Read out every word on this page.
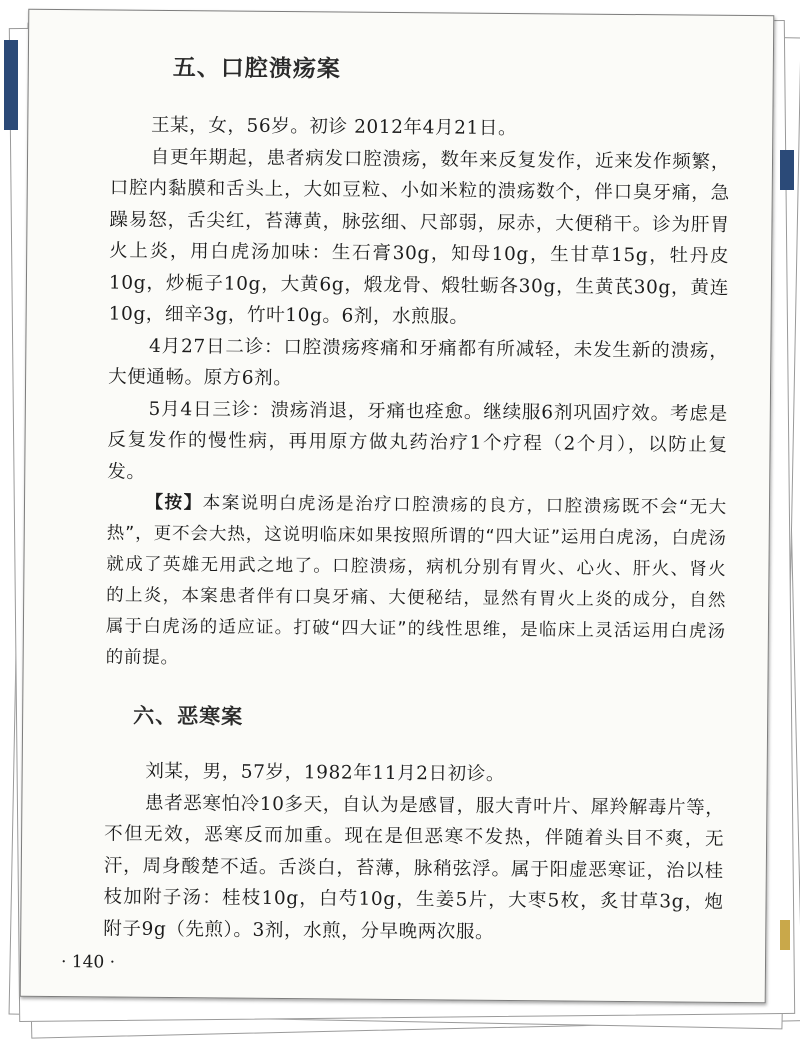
五、口腔溃疡案

王某，女，56岁。初诊 2012年4月21日。

自更年期起，患者病发口腔溃疡，数年来反复发作，近来发作频繁，口腔内黏膜和舌头上，大如豆粒、小如米粒的溃疡数个，伴口臭牙痛，急躁易怒，舌尖红，苔薄黄，脉弦细、尺部弱，尿赤，大便稍干。诊为肝胃火上炎，用白虎汤加味：生石膏30g，知母10g，生甘草15g，牡丹皮10g，炒栀子10g，大黄6g，煅龙骨、煅牡蛎各30g，生黄芪30g，黄连10g，细辛3g，竹叶10g。6剂，水煎服。

4月27日二诊：口腔溃疡疼痛和牙痛都有所减轻，未发生新的溃疡，大便通畅。原方6剂。

5月4日三诊：溃疡消退，牙痛也痊愈。继续服6剂巩固疗效。考虑是反复发作的慢性病，再用原方做丸药治疗1个疗程（2个月），以防止复发。

【按】本案说明白虎汤是治疗口腔溃疡的良方，口腔溃疡既不会“无大热”，更不会大热，这说明临床如果按照所谓的“四大证”运用白虎汤，白虎汤就成了英雄无用武之地了。口腔溃疡，病机分别有胃火、心火、肝火、肾火的上炎，本案患者伴有口臭牙痛、大便秘结，显然有胃火上炎的成分，自然属于白虎汤的适应证。打破“四大证”的线性思维，是临床上灵活运用白虎汤的前提。

六、恶寒案

刘某，男，57岁，1982年11月2日初诊。

患者恶寒怕冷10多天，自认为是感冒，服大青叶片、犀羚解毒片等，不但无效，恶寒反而加重。现在是但恶寒不发热，伴随着头目不爽，无汗，周身酸楚不适。舌淡白，苔薄，脉稍弦浮。属于阳虚恶寒证，治以桂枝加附子汤：桂枝10g，白芍10g，生姜5片，大枣5枚，炙甘草3g，炮附子9g（先煎）。3剂，水煎，分早晚两次服。

· 140 ·
